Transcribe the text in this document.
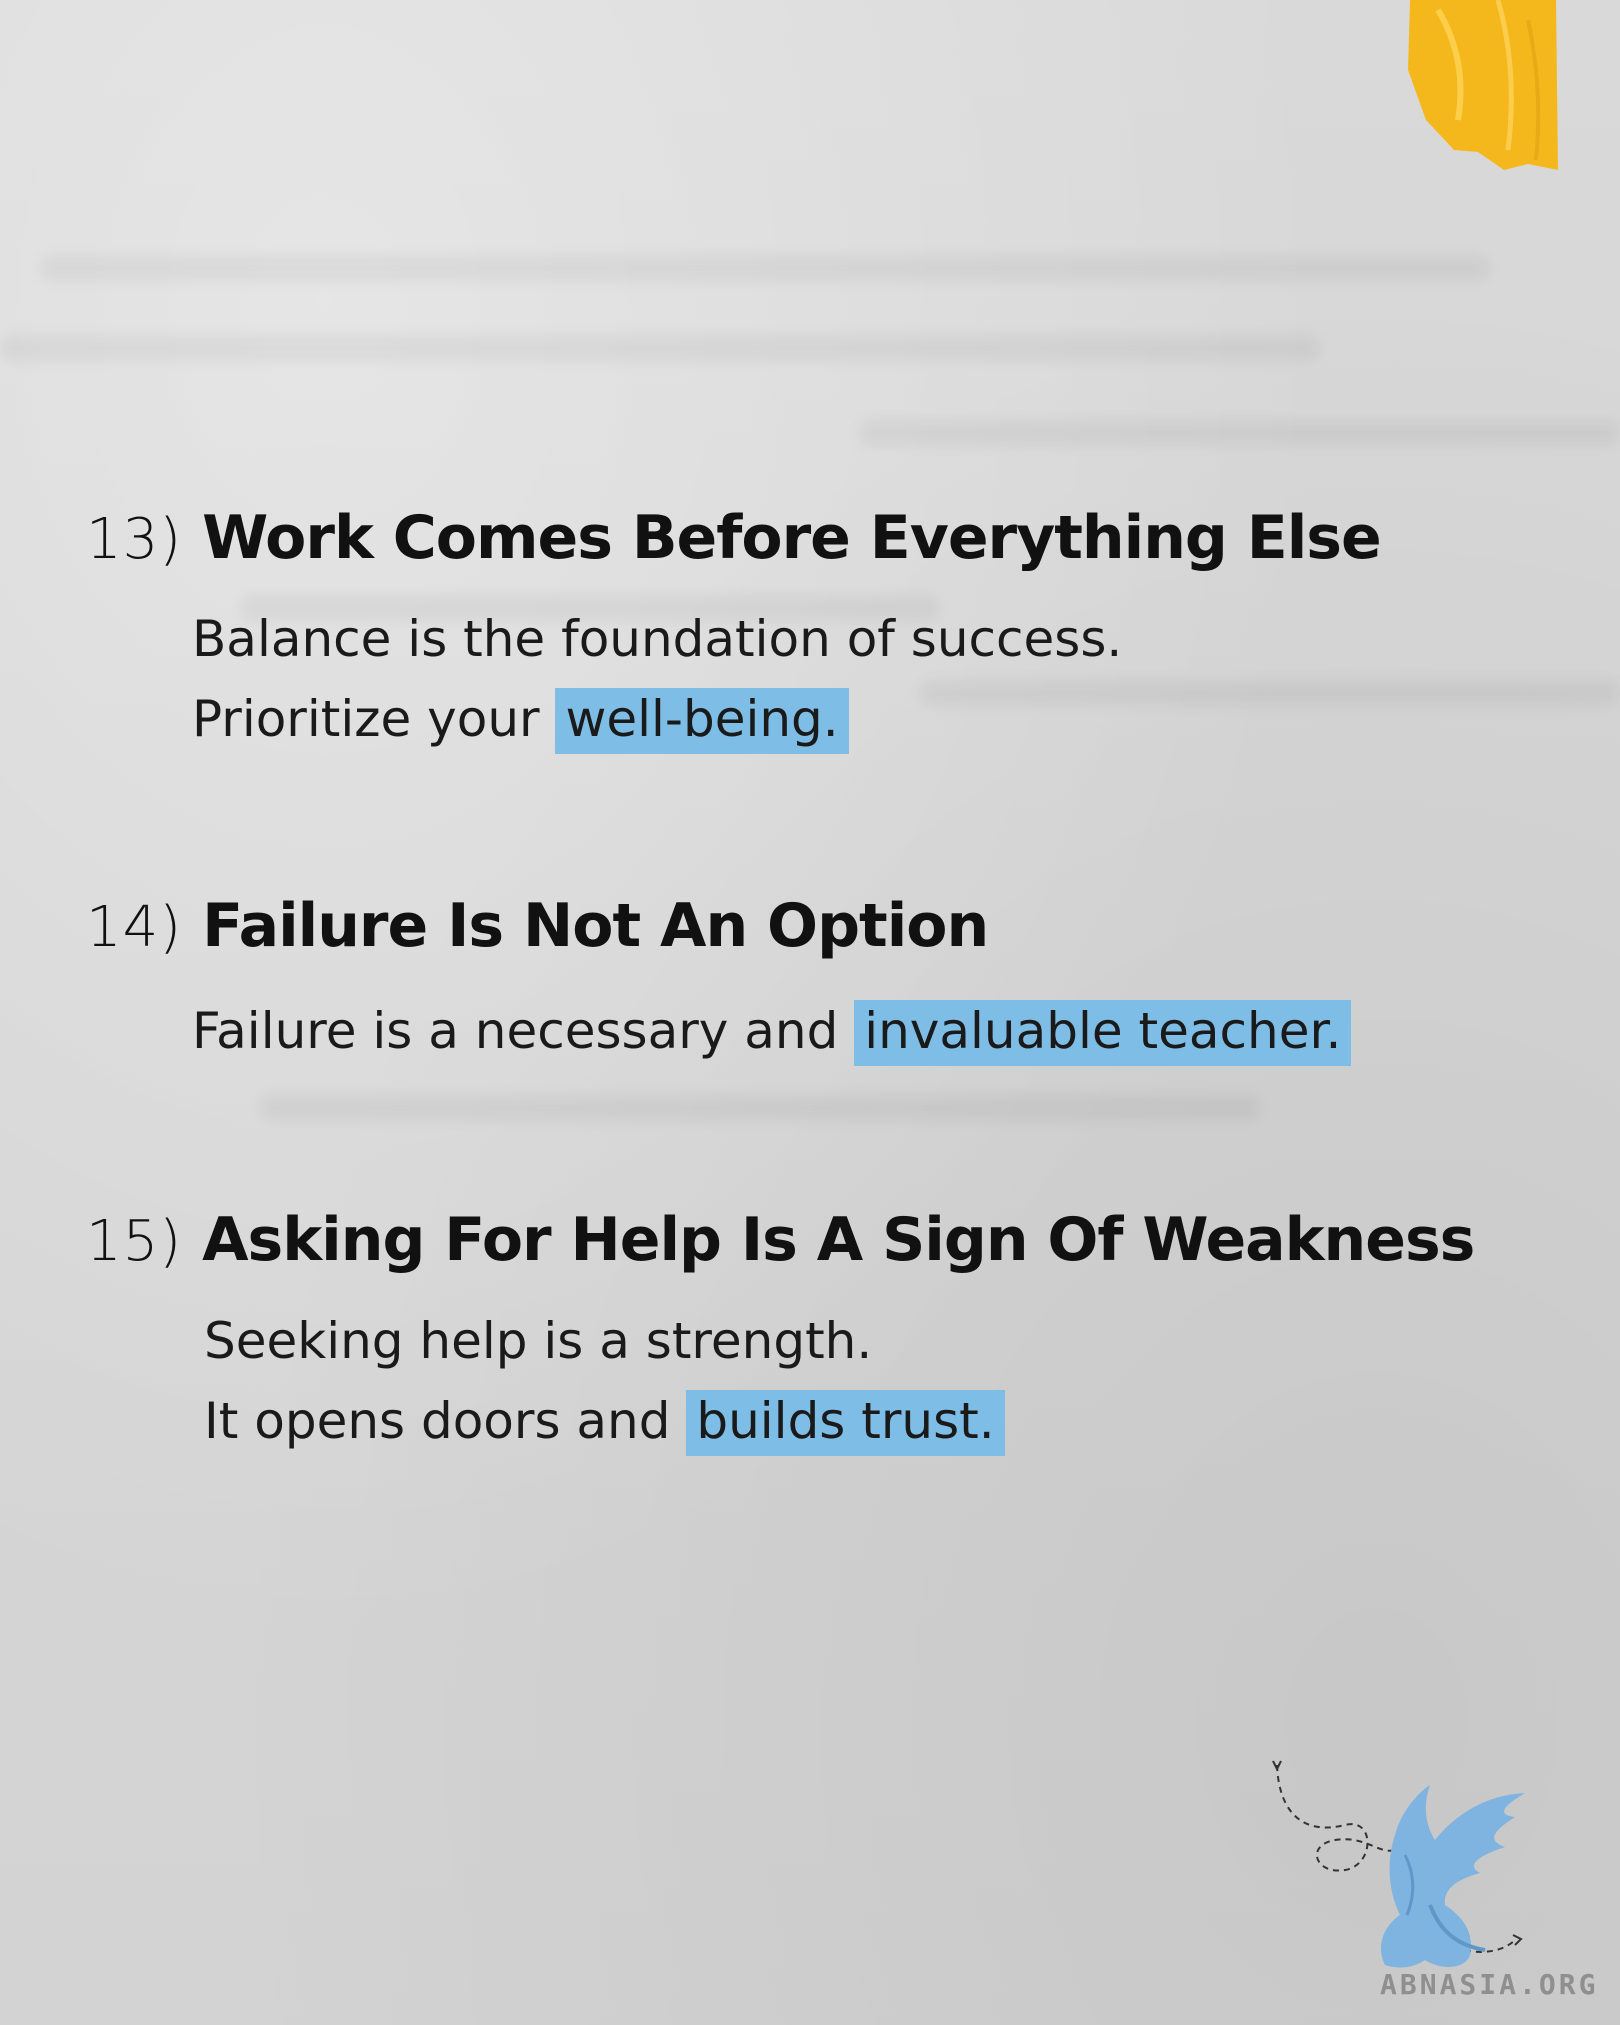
13) Work Comes Before Everything Else
Balance is the foundation of success.
Prioritize your well-being.
14) Failure Is Not An Option
Failure is a necessary and invaluable teacher.
15) Asking For Help Is A Sign Of Weakness
Seeking help is a strength.
It opens doors and builds trust.
ABNASIA.ORG
